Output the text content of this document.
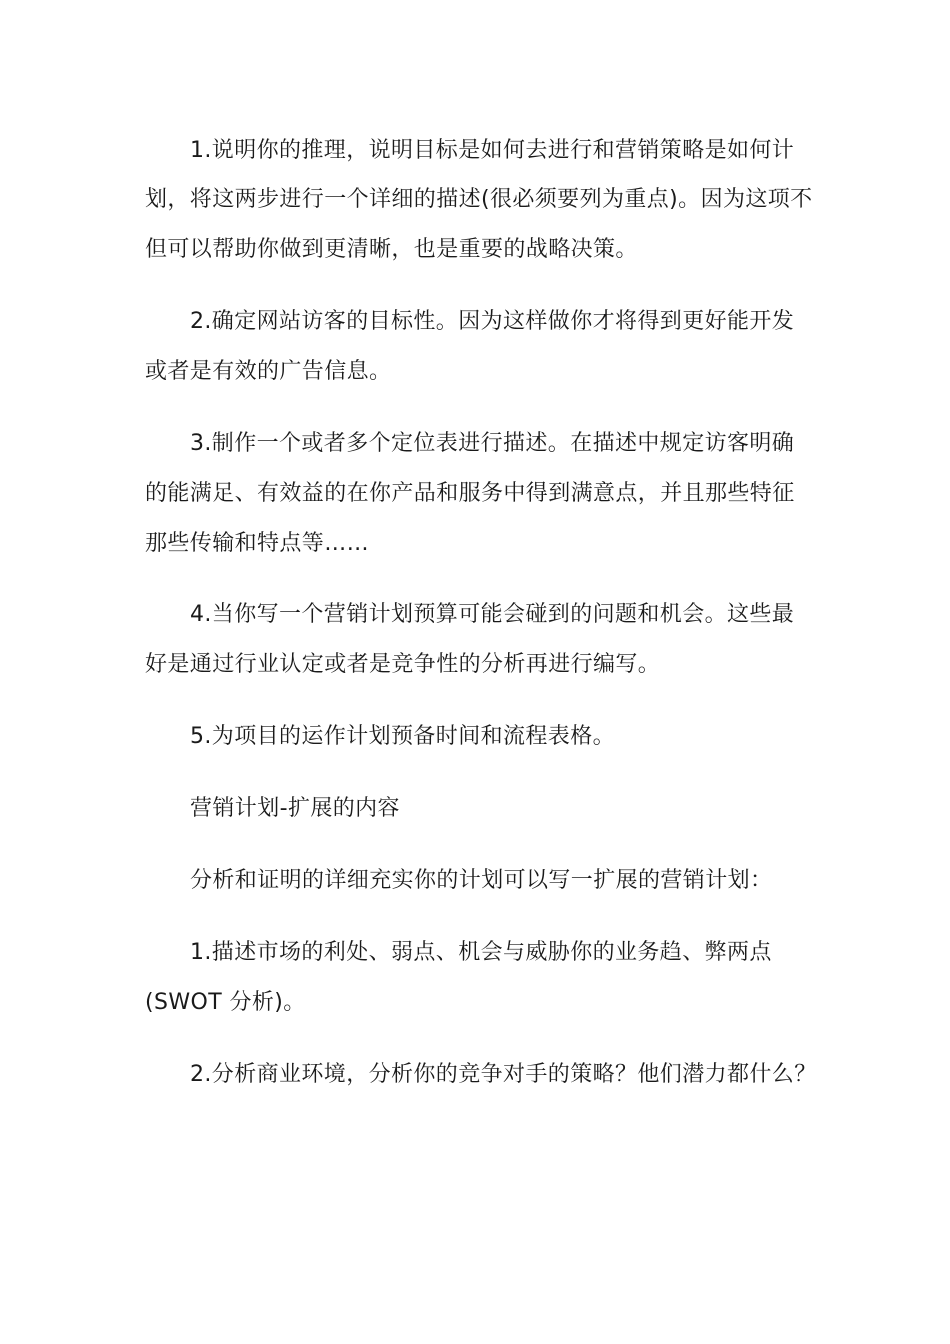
1.说明你的推理，说明目标是如何去进行和营销策略是如何计
划，将这两步进行一个详细的描述(很必须要列为重点)。因为这项不
但可以帮助你做到更清晰，也是重要的战略决策。
2.确定网站访客的目标性。因为这样做你才将得到更好能开发
或者是有效的广告信息。
3.制作一个或者多个定位表进行描述。在描述中规定访客明确
的能满足、有效益的在你产品和服务中得到满意点，并且那些特征
那些传输和特点等……
4.当你写一个营销计划预算可能会碰到的问题和机会。这些最
好是通过行业认定或者是竞争性的分析再进行编写。
5.为项目的运作计划预备时间和流程表格。
营销计划-扩展的内容
分析和证明的详细充实你的计划可以写一扩展的营销计划：
1.描述市场的利处、弱点、机会与威胁你的业务趋、弊两点
(SWOT 分析)。
2.分析商业环境，分析你的竞争对手的策略？他们潜力都什么？
